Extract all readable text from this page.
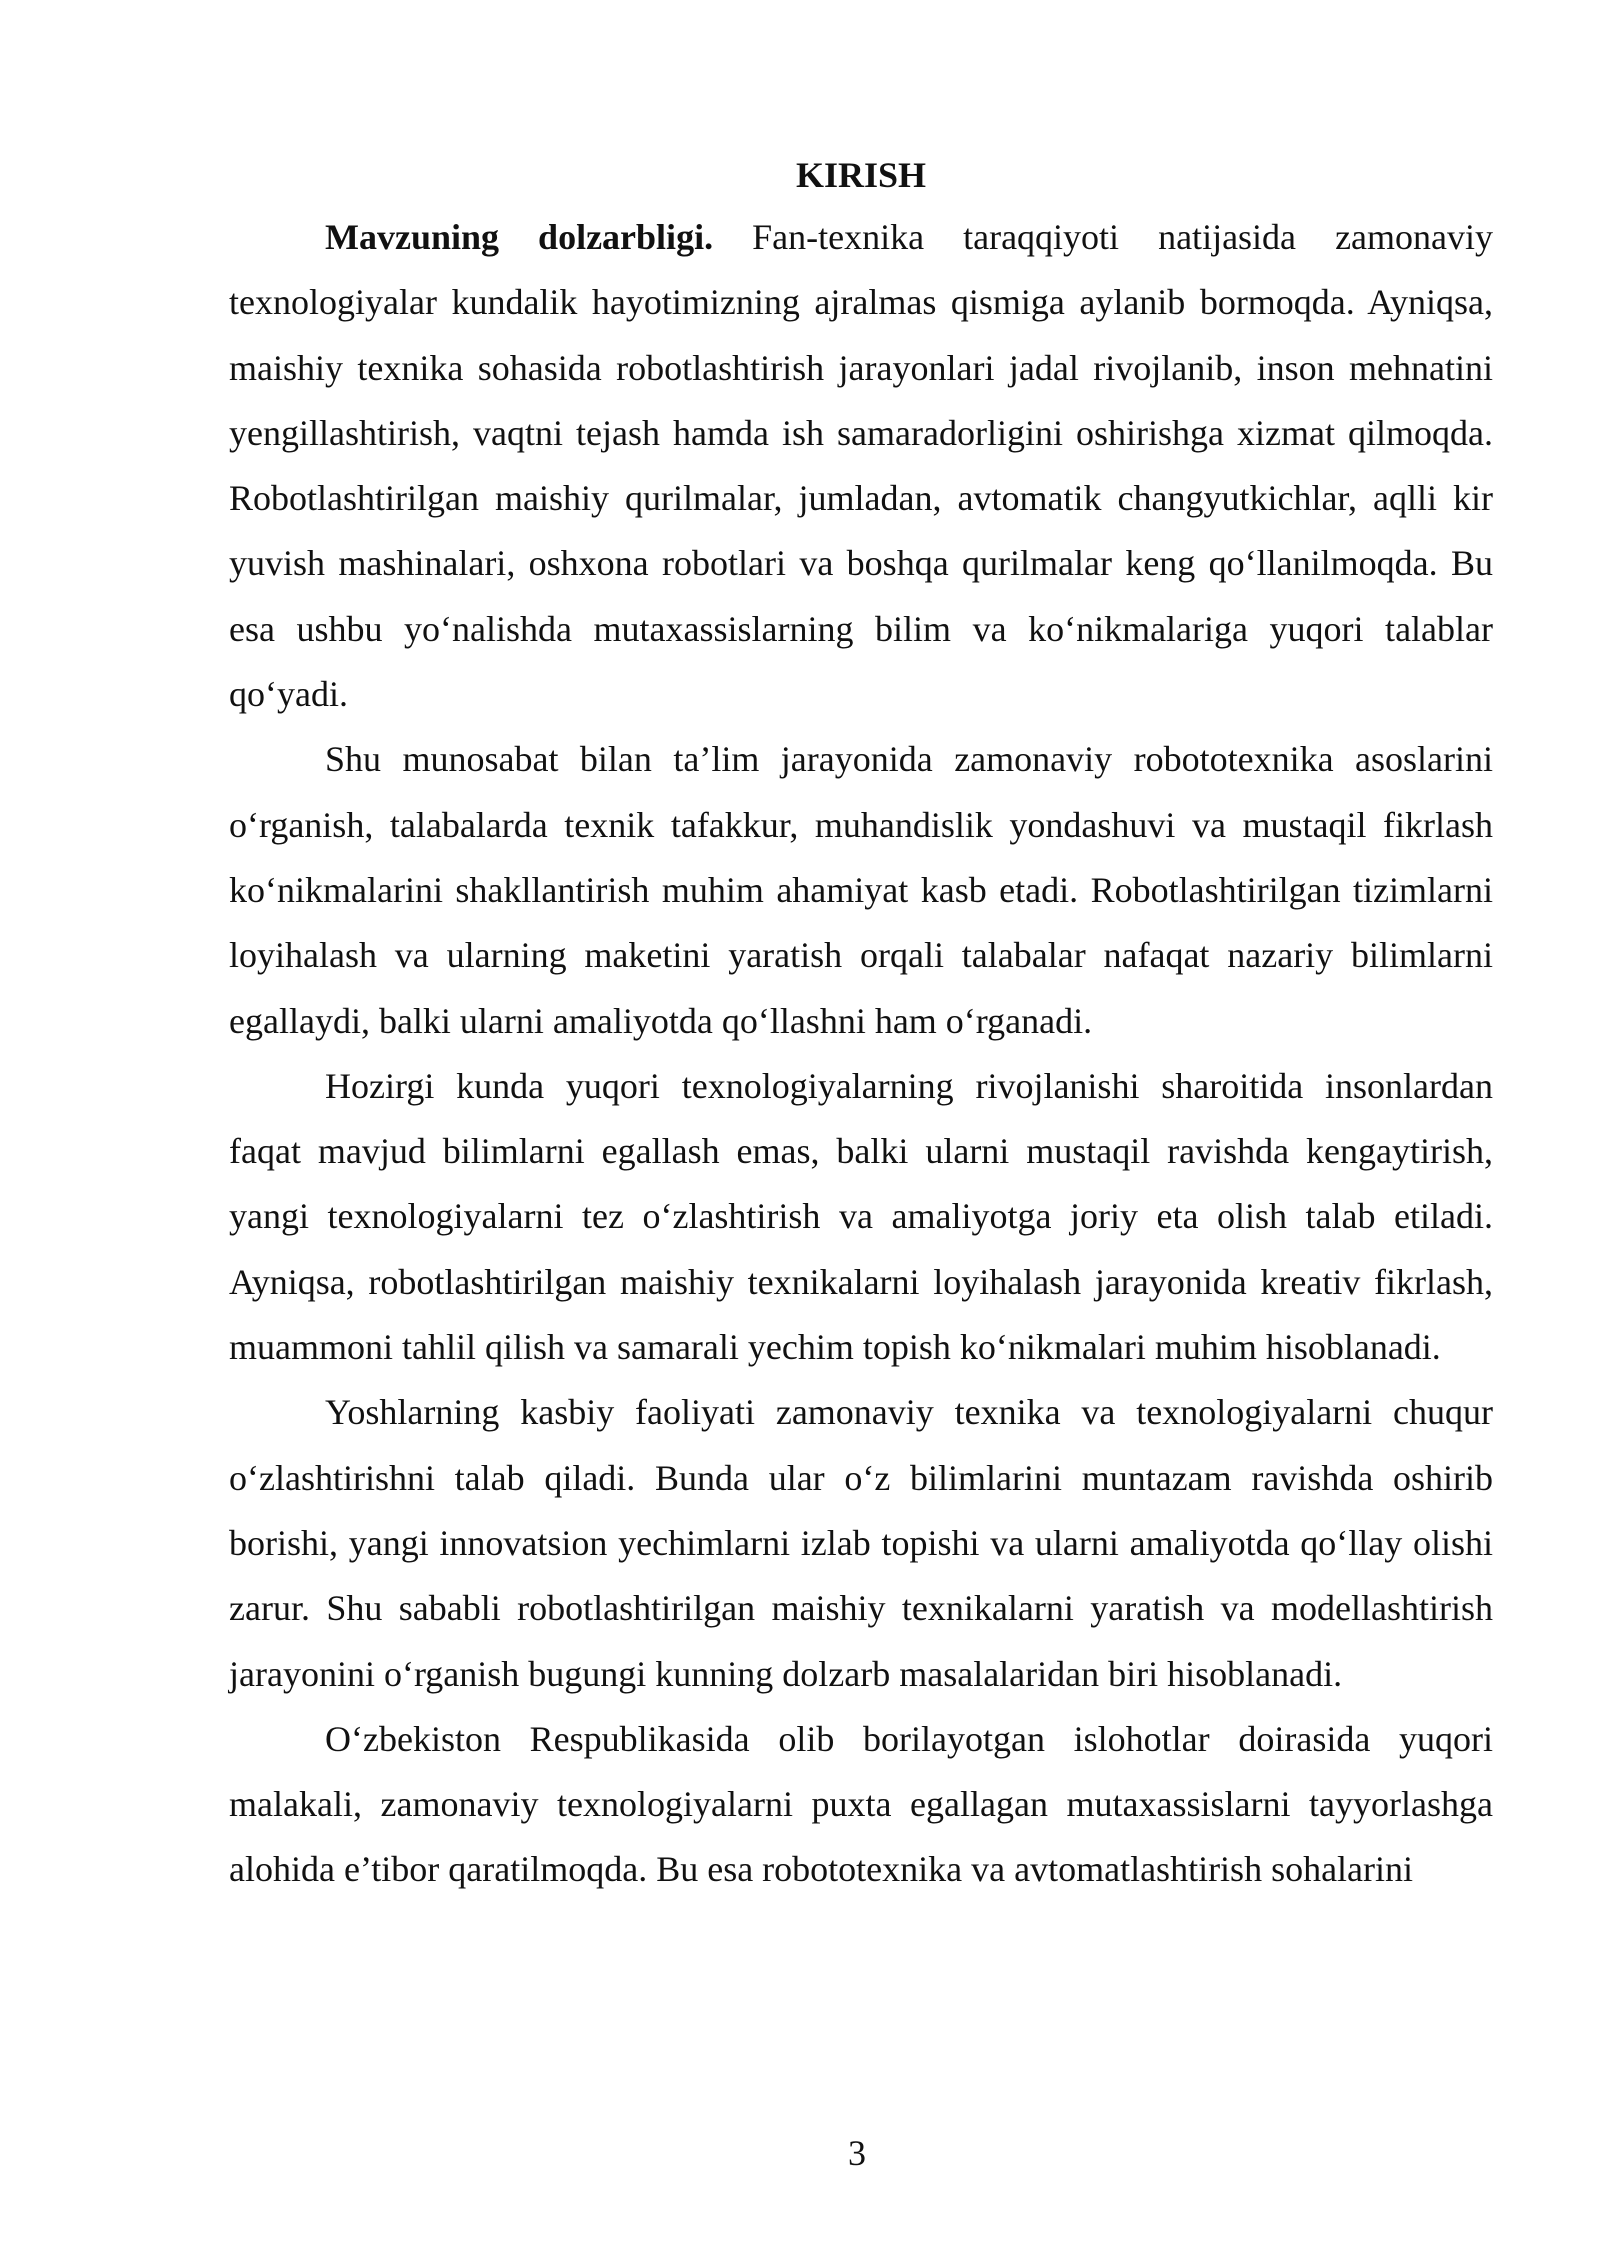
KIRISH

Mavzuning dolzarbligi. Fan-texnika taraqqiyoti natijasida zamonaviy texnologiyalar kundalik hayotimizning ajralmas qismiga aylanib bormoqda. Ayniqsa, maishiy texnika sohasida robotlashtirish jarayonlari jadal rivojlanib, inson mehnatini yengillashtirish, vaqtni tejash hamda ish samaradorligini oshirishga xizmat qilmoqda. Robotlashtirilgan maishiy qurilmalar, jumladan, avtomatik changyutkichlar, aqlli kir yuvish mashinalari, oshxona robotlari va boshqa qurilmalar keng qo‘llanilmoqda. Bu esa ushbu yo‘nalishda mutaxassislarning bilim va ko‘nikmalariga yuqori talablar qo‘yadi.

Shu munosabat bilan ta’lim jarayonida zamonaviy robototexnika asoslarini o‘rganish, talabalarda texnik tafakkur, muhandislik yondashuvi va mustaqil fikrlash ko‘nikmalarini shakllantirish muhim ahamiyat kasb etadi. Robotlashtirilgan tizimlarni loyihalash va ularning maketini yaratish orqali talabalar nafaqat nazariy bilimlarni egallaydi, balki ularni amaliyotda qo‘llashni ham o‘rganadi.

Hozirgi kunda yuqori texnologiyalarning rivojlanishi sharoitida insonlardan faqat mavjud bilimlarni egallash emas, balki ularni mustaqil ravishda kengaytirish, yangi texnologiyalarni tez o‘zlashtirish va amaliyotga joriy eta olish talab etiladi. Ayniqsa, robotlashtirilgan maishiy texnikalarni loyihalash jarayonida kreativ fikrlash, muammoni tahlil qilish va samarali yechim topish ko‘nikmalari muhim hisoblanadi.

Yoshlarning kasbiy faoliyati zamonaviy texnika va texnologiyalarni chuqur o‘zlashtirishni talab qiladi. Bunda ular o‘z bilimlarini muntazam ravishda oshirib borishi, yangi innovatsion yechimlarni izlab topishi va ularni amaliyotda qo‘llay olishi zarur. Shu sababli robotlashtirilgan maishiy texnikalarni yaratish va modellashtirish jarayonini o‘rganish bugungi kunning dolzarb masalalaridan biri hisoblanadi.

O‘zbekiston Respublikasida olib borilayotgan islohotlar doirasida yuqori malakali, zamonaviy texnologiyalarni puxta egallagan mutaxassislarni tayyorlashga alohida e’tibor qaratilmoqda. Bu esa robototexnika va avtomatlashtirish sohalarini

3
